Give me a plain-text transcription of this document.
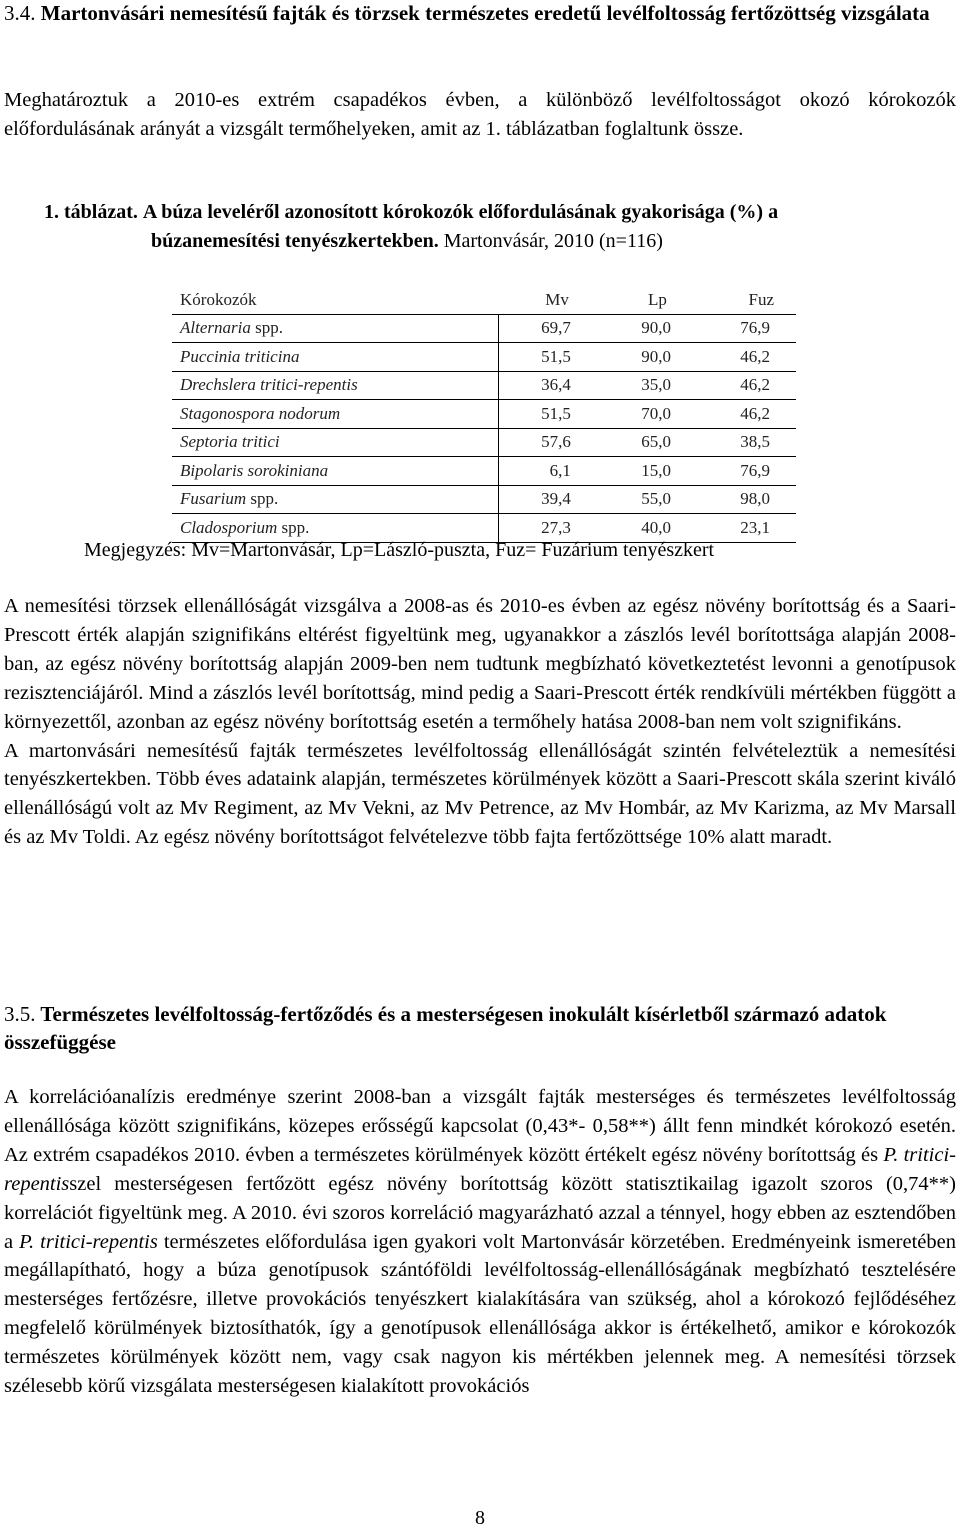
3.4. Martonvásári nemesítésű fajták és törzsek természetes eredetű levélfoltosság fertőzöttség vizsgálata

Meghatároztuk a 2010-es extrém csapadékos évben, a különböző levélfoltosságot okozó kórokozók előfordulásának arányát a vizsgált termőhelyeken, amit az 1. táblázatban foglaltunk össze.

1. táblázat. A búza leveléről azonosított kórokozók előfordulásának gyakorisága (%) a
búzanemesítési tenyészkertekben. Martonvásár, 2010 (n=116)
Kórokozók	Mv	Lp	Fuz
Alternaria spp.	69,7	90,0	76,9
Puccinia triticina	51,5	90,0	46,2
Drechslera tritici-repentis	36,4	35,0	46,2
Stagonospora nodorum	51,5	70,0	46,2
Septoria tritici	57,6	65,0	38,5
Bipolaris sorokiniana	6,1	15,0	76,9
Fusarium spp.	39,4	55,0	98,0
Cladosporium spp.	27,3	40,0	23,1
Megjegyzés: Mv=Martonvásár, Lp=László-puszta, Fuz= Fuzárium tenyészkert

A nemesítési törzsek ellenállóságát vizsgálva a 2008-as és 2010-es évben az egész növény borítottság és a Saari-Prescott érték alapján szignifikáns eltérést figyeltünk meg, ugyanakkor a zászlós levél borítottsága alapján 2008-ban, az egész növény borítottság alapján 2009-ben nem tudtunk megbízható következtetést levonni a genotípusok rezisztenciájáról. Mind a zászlós levél borítottság, mind pedig a Saari-Prescott érték rendkívüli mértékben függött a környezettől, azonban az egész növény borítottság esetén a termőhely hatása 2008-ban nem volt szignifikáns.

A martonvásári nemesítésű fajták természetes levélfoltosság ellenállóságát szintén felvételeztük a nemesítési tenyészkertekben. Több éves adataink alapján, természetes körülmények között a Saari-Prescott skála szerint kiváló ellenállóságú volt az Mv Regiment, az Mv Vekni, az Mv Petrence, az Mv Hombár, az Mv Karizma, az Mv Marsall és az Mv Toldi. Az egész növény borítottságot felvételezve több fajta fertőzöttsége 10% alatt maradt.

3.5. Természetes levélfoltosság-fertőződés és a mesterségesen inokulált kísérletből származó adatok összefüggése

A korrelációanalízis eredménye szerint 2008-ban a vizsgált fajták mesterséges és természetes levélfoltosság ellenállósága között szignifikáns, közepes erősségű kapcsolat (0,43*- 0,58**) állt fenn mindkét kórokozó esetén. Az extrém csapadékos 2010. évben a természetes körülmények között értékelt egész növény borítottság és P. tritici-repentisszel mesterségesen fertőzött egész növény borítottság között statisztikailag igazolt szoros (0,74**) korrelációt figyeltünk meg. A 2010. évi szoros korreláció magyarázható azzal a ténnyel, hogy ebben az esztendőben a P. tritici-repentis természetes előfordulása igen gyakori volt Martonvásár körzetében. Eredményeink ismeretében megállapítható, hogy a búza genotípusok szántóföldi levélfoltosság-ellenállóságának megbízható tesztelésére mesterséges fertőzésre, illetve provokációs tenyészkert kialakítására van szükség, ahol a kórokozó fejlődéséhez megfelelő körülmények biztosíthatók, így a genotípusok ellenállósága akkor is értékelhető, amikor e kórokozók természetes körülmények között nem, vagy csak nagyon kis mértékben jelennek meg. A nemesítési törzsek szélesebb körű vizsgálata mesterségesen kialakított provokációs

8
